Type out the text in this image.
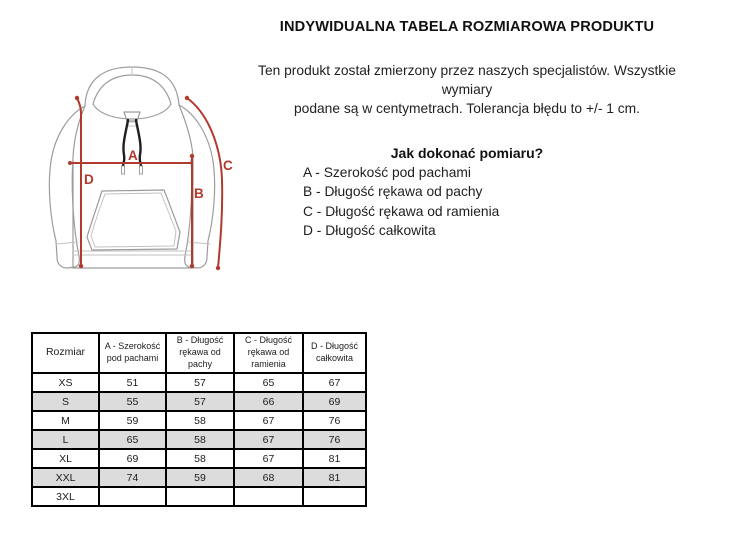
A
B
C
D
INDYWIDUALNA TABELA ROZMIAROWA PRODUKTU

Ten produkt został zmierzony przez naszych specjalistów. Wszystkie wymiary
podane są w centymetrach. Tolerancja błędu to +/- 1 cm.

Jak dokonać pomiaru?
A - Szerokość pod pachami
B - Długość rękawa od pachy
C - Długość rękawa od ramienia
D - Długość całkowita
Rozmiar	A - Szerokość pod pachami	B - Długość rękawa od pachy	C - Długość rękawa od ramienia	D - Długość całkowita
XS	51	57	65	67
S	55	57	66	69
M	59	58	67	76
L	65	58	67	76
XL	69	58	67	81
XXL	74	59	68	81
3XL				
